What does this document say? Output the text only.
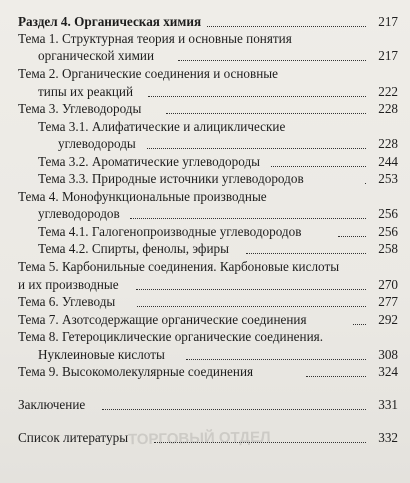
ТОРГОВЫЙ ОТДЕЛ
Раздел 4. Органическая химия	217
Тема 1. Структурная теория и основные понятия
органической химии	217
Тема 2. Органические соединения и основные
типы их реакций	222
Тема 3. Углеводороды	228
Тема 3.1. Алифатические и алициклические
углеводороды	228
Тема 3.2. Ароматические углеводороды	244
Тема 3.3. Природные источники углеводородов	253
Тема 4. Монофункциональные производные
углеводородов	256
Тема 4.1. Галогенопроизводные углеводородов	256
Тема 4.2. Спирты, фенолы, эфиры	258
Тема 5. Карбонильные соединения. Карбоновые кислоты
и их производные	270
Тема 6. Углеводы	277
Тема 7. Азотсодержащие органические соединения	292
Тема 8. Гетероциклические органические соединения.
Нуклеиновые кислоты	308
Тема 9. Высокомолекулярные соединения	324
Заключение	331
Список литературы	332
